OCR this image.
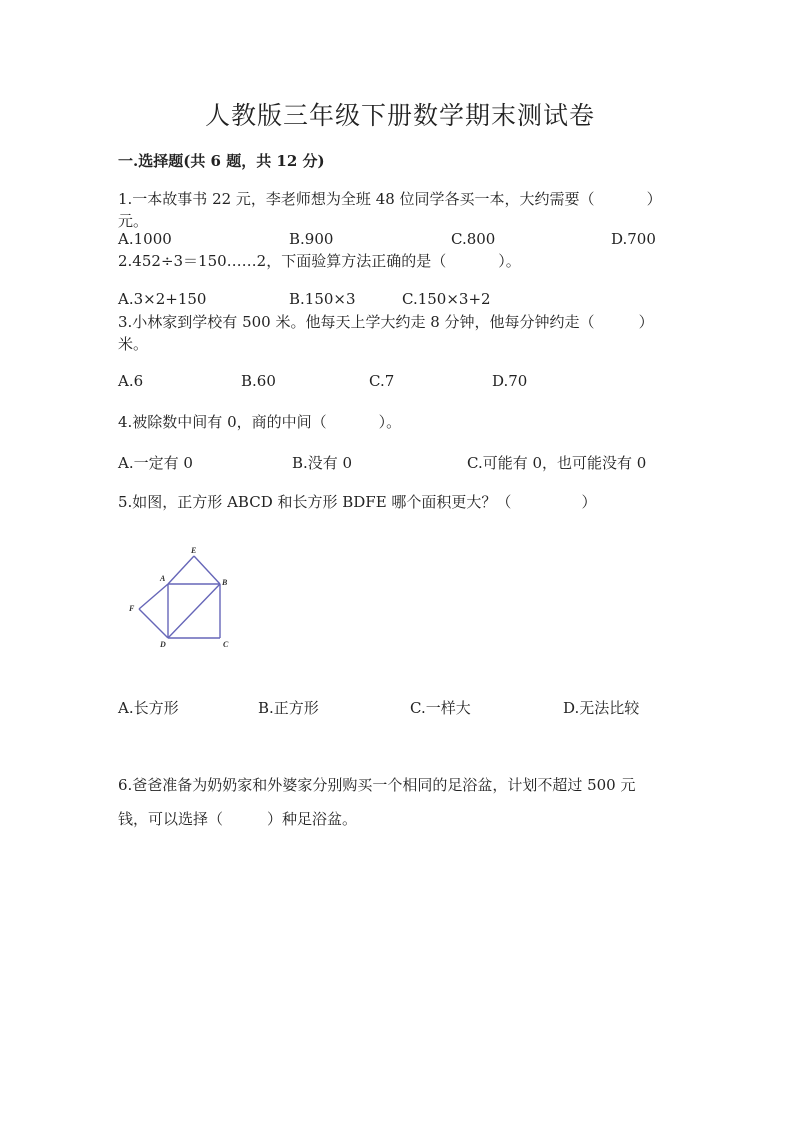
人教版三年级下册数学期末测试卷
一.选择题(共 6 题，共 12 分)
1.一本故事书 22 元，李老师想为全班 48 位同学各买一本，大约需要（	）
元。
A.1000	B.900	C.800	D.700
2.452÷3＝150……2，下面验算方法正确的是（	）。
A.3×2+150	B.150×3	C.150×3+2
3.小林家到学校有 500 米。他每天上学大约走 8 分钟，他每分钟约走（	）
米。
A.6	B.60	C.7	D.70
4.被除数中间有 0，商的中间（	）。
A.一定有 0	B.没有 0	C.可能有 0，也可能没有 0
5.如图，正方形 ABCD 和长方形 BDFE 哪个面积更大？（	）
E
A	B
F
D	C
A.长方形	B.正方形	C.一样大	D.无法比较
6.爸爸准备为奶奶家和外婆家分别购买一个相同的足浴盆，计划不超过 500 元
钱，可以选择（	）种足浴盆。
